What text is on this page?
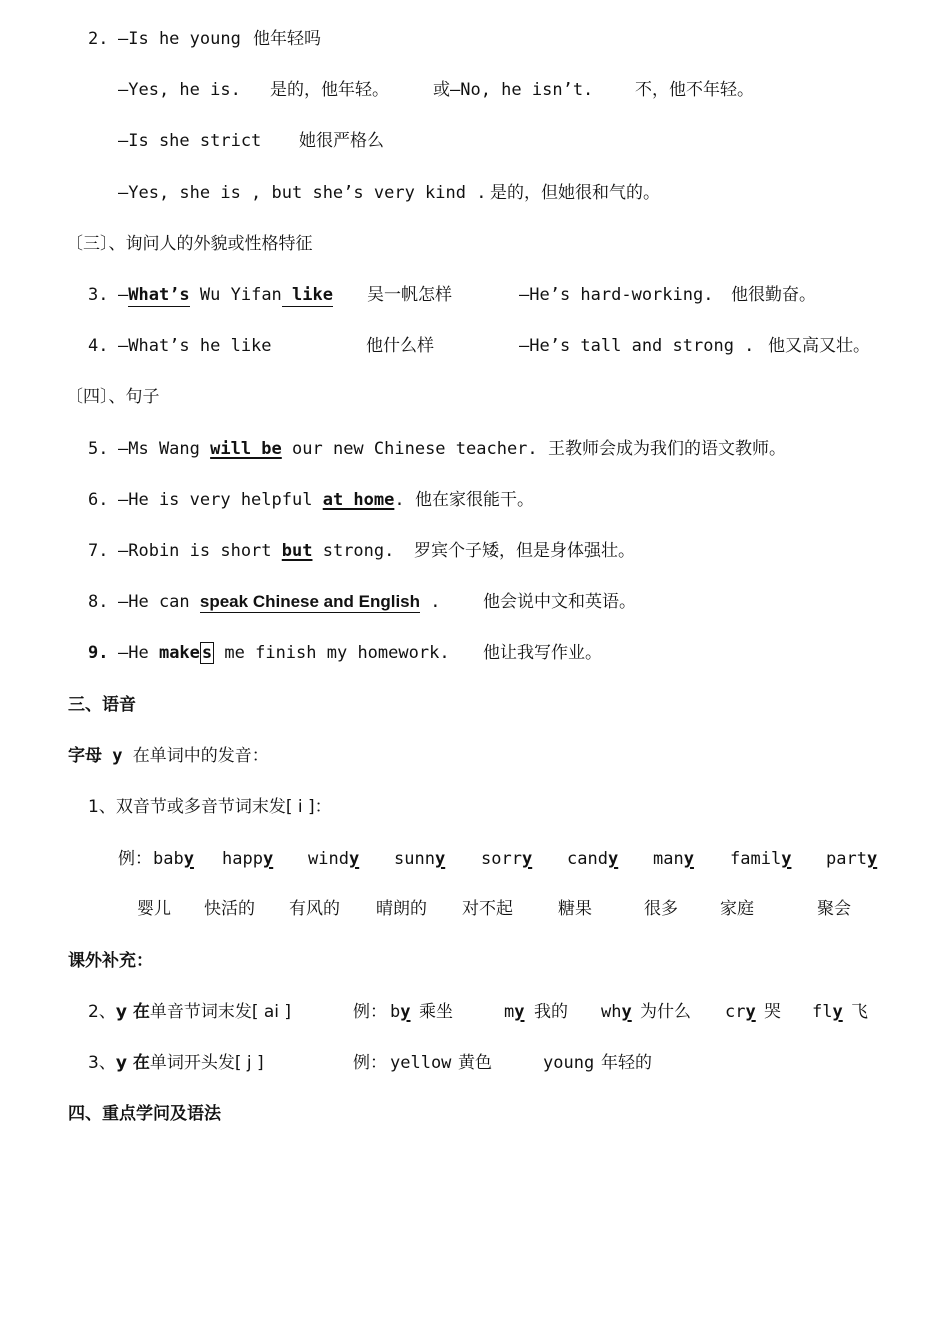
2. —Is he young 他年轻吗
—Yes, he is. 是的，他年轻。	或—No, he isn’t. 不，他不年轻。
—Is she strict 她很严格么
—Yes, she is , but she’s very kind . 是的，但她很和气的。
〔三〕、询问人的外貌或性格特征
3. —What’s Wu Yifan like 吴一帆怎样	—He’s hard-working. 他很勤奋。
4. —What’s he like	他什么样	—He’s tall and strong . 他又高又壮。
〔四〕、句子
5. —Ms Wang will be our new Chinese teacher. 王教师会成为我们的语文教师。
6. —He is very helpful at home. 他在家很能干。
7. —Robin is short but strong. 罗宾个子矮，但是身体强壮。
8. —He can speak Chinese and English .	他会说中文和英语。
9. —He make s me finish my homework. 他让我写作业。
三、语音
字母 y 在单词中的发音：
1、双音节或多音节词末发[ i ]：
例： baby happy windy sunny sorry candy many family party
婴儿 快活的 有风的 晴朗的 对不起	糖果	很多 家庭	聚会
课外补充：
2、y 在单音节词末发[ ai ]	例： by 乘坐	my 我的 why 为什么 cry 哭 fly 飞
3、y 在单词开头发[ j ]	例： yellow 黄色	young 年轻的
四、重点学问及语法
